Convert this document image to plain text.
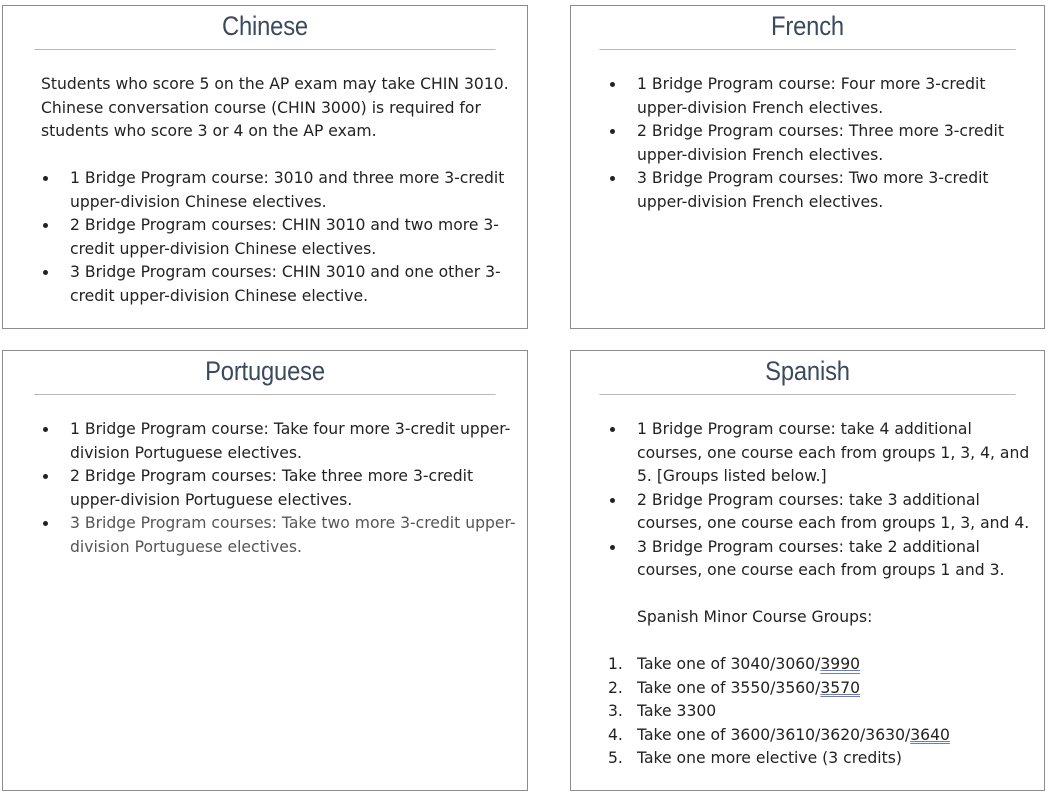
Chinese

Students who score 5 on the AP exam may take CHIN 3010. Chinese conversation course (CHIN 3000) is required for students who score 3 or 4 on the AP exam.

1 Bridge Program course: 3010 and three more 3-credit upper-division Chinese electives.
2 Bridge Program courses: CHIN 3010 and two more 3-credit upper-division Chinese electives.
3 Bridge Program courses: CHIN 3010 and one other 3-credit upper-division Chinese elective.
French
1 Bridge Program course: Four more 3-credit upper-division French electives.
2 Bridge Program courses: Three more 3-credit upper-division French electives.
3 Bridge Program courses: Two more 3-credit upper-division French electives.
Portuguese
1 Bridge Program course: Take four more 3-credit upper-division Portuguese electives.
2 Bridge Program courses: Take three more 3-credit upper-division Portuguese electives.
3 Bridge Program courses: Take two more 3-credit upper-division Portuguese electives.
Spanish
1 Bridge Program course: take 4 additional courses, one course each from groups 1, 3, 4, and 5. [Groups listed below.]
2 Bridge Program courses: take 3 additional courses, one course each from groups 1, 3, and 4.
3 Bridge Program courses: take 2 additional courses, one course each from groups 1 and 3.

Spanish Minor Course Groups:

1. Take one of 3040/3060/3990
2. Take one of 3550/3560/3570
3. Take 3300
4. Take one of 3600/3610/3620/3630/3640
5. Take one more elective (3 credits)
